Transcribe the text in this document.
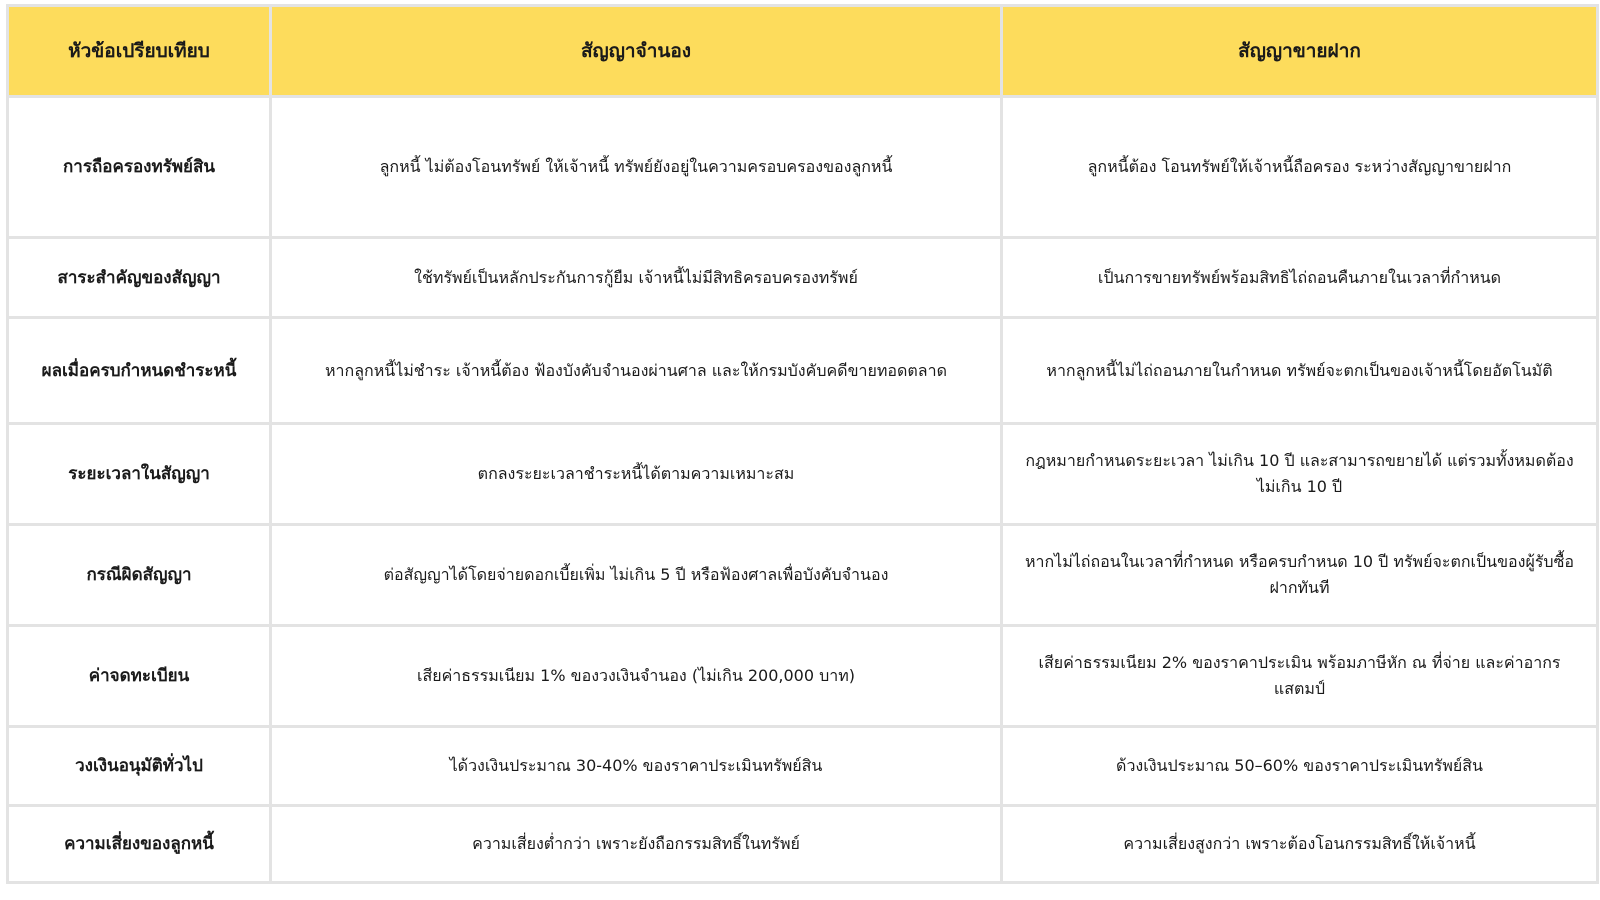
หัวข้อเปรียบเทียบ	สัญญาจำนอง	สัญญาขายฝาก
การถือครองทรัพย์สิน	ลูกหนี้ ไม่ต้องโอนทรัพย์ ให้เจ้าหนี้ ทรัพย์ยังอยู่ในความครอบครองของลูกหนี้	ลูกหนี้ต้อง โอนทรัพย์ให้เจ้าหนี้ถือครอง ระหว่างสัญญาขายฝาก
สาระสำคัญของสัญญา	ใช้ทรัพย์เป็นหลักประกันการกู้ยืม เจ้าหนี้ไม่มีสิทธิครอบครองทรัพย์	เป็นการขายทรัพย์พร้อมสิทธิไถ่ถอนคืนภายในเวลาที่กำหนด
ผลเมื่อครบกำหนดชำระหนี้	หากลูกหนี้ไม่ชำระ เจ้าหนี้ต้อง ฟ้องบังคับจำนองผ่านศาล และให้กรมบังคับคดีขายทอดตลาด	หากลูกหนี้ไม่ไถ่ถอนภายในกำหนด ทรัพย์จะตกเป็นของเจ้าหนี้โดยอัตโนมัติ
ระยะเวลาในสัญญา	ตกลงระยะเวลาชำระหนี้ได้ตามความเหมาะสม	กฎหมายกำหนดระยะเวลา ไม่เกิน 10 ปี และสามารถขยายได้ แต่รวมทั้งหมดต้องไม่เกิน 10 ปี
กรณีผิดสัญญา	ต่อสัญญาได้โดยจ่ายดอกเบี้ยเพิ่ม ไม่เกิน 5 ปี หรือฟ้องศาลเพื่อบังคับจำนอง	หากไม่ไถ่ถอนในเวลาที่กำหนด หรือครบกำหนด 10 ปี ทรัพย์จะตกเป็นของผู้รับซื้อฝากทันที
ค่าจดทะเบียน	เสียค่าธรรมเนียม 1% ของวงเงินจำนอง (ไม่เกิน 200,000 บาท)	เสียค่าธรรมเนียม 2% ของราคาประเมิน พร้อมภาษีหัก ณ ที่จ่าย และค่าอากรแสตมป์
วงเงินอนุมัติทั่วไป	ได้วงเงินประมาณ 30-40% ของราคาประเมินทรัพย์สิน	ด้วงเงินประมาณ 50–60% ของราคาประเมินทรัพย์สิน
ความเสี่ยงของลูกหนี้	ความเสี่ยงต่ำกว่า เพราะยังถือกรรมสิทธิ์ในทรัพย์	ความเสี่ยงสูงกว่า เพราะต้องโอนกรรมสิทธิ์ให้เจ้าหนี้
